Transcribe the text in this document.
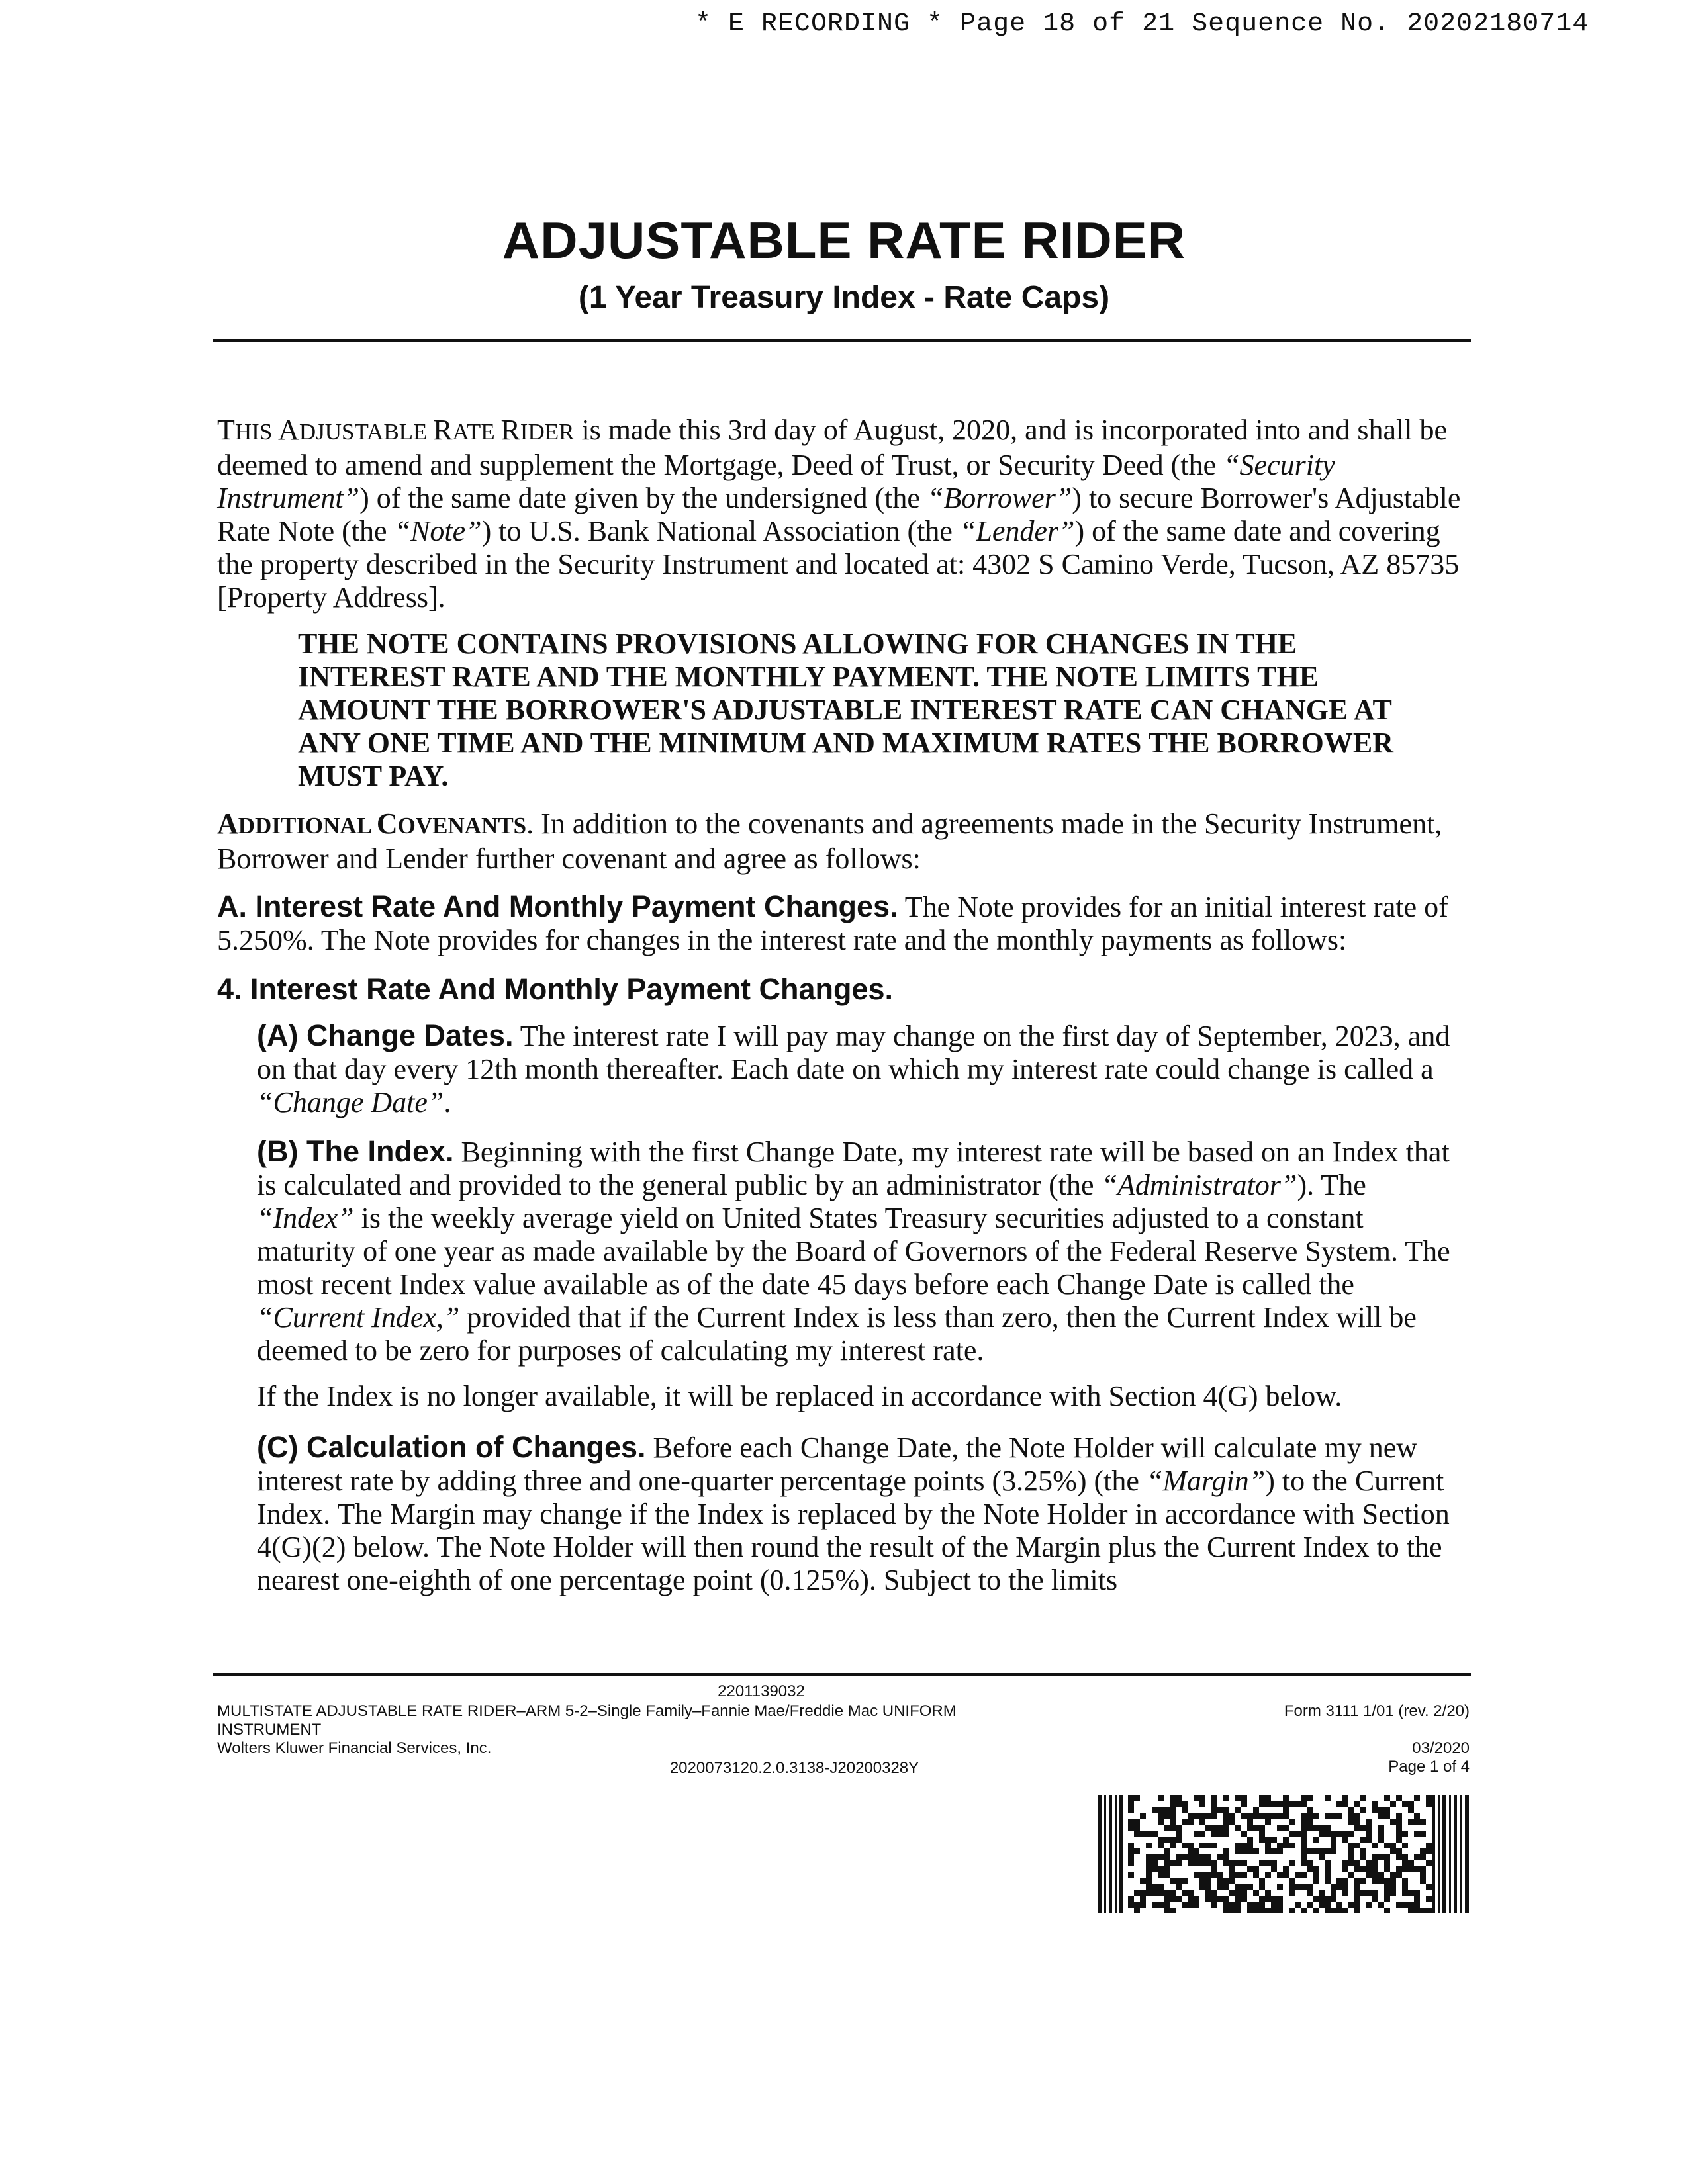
* E RECORDING * Page 18 of 21 Sequence No. 20202180714
ADJUSTABLE RATE RIDER
(1 Year Treasury Index - Rate Caps)
THIS ADJUSTABLE RATE RIDER is made this 3rd day of August, 2020, and is incorporated into and shall be deemed to amend and supplement the Mortgage, Deed of Trust, or Security Deed (the “Security Instrument”) of the same date given by the undersigned (the “Borrower”) to secure Borrower's Adjustable Rate Note (the “Note”) to U.S. Bank National Association (the “Lender”) of the same date and covering the property described in the Security Instrument and located at: 4302 S Camino Verde, Tucson, AZ 85735 [Property Address].
THE NOTE CONTAINS PROVISIONS ALLOWING FOR CHANGES IN THE INTEREST RATE AND THE MONTHLY PAYMENT. THE NOTE LIMITS THE AMOUNT THE BORROWER'S ADJUSTABLE INTEREST RATE CAN CHANGE AT ANY ONE TIME AND THE MINIMUM AND MAXIMUM RATES THE BORROWER MUST PAY.
ADDITIONAL COVENANTS. In addition to the covenants and agreements made in the Security Instrument, Borrower and Lender further covenant and agree as follows:
A. Interest Rate And Monthly Payment Changes. The Note provides for an initial interest rate of 5.250%. The Note provides for changes in the interest rate and the monthly payments as follows:
4. Interest Rate And Monthly Payment Changes.
(A) Change Dates. The interest rate I will pay may change on the first day of September, 2023, and on that day every 12th month thereafter. Each date on which my interest rate could change is called a “Change Date”.
(B) The Index. Beginning with the first Change Date, my interest rate will be based on an Index that is calculated and provided to the general public by an administrator (the “Administrator”). The “Index” is the weekly average yield on United States Treasury securities adjusted to a constant maturity of one year as made available by the Board of Governors of the Federal Reserve System. The most recent Index value available as of the date 45 days before each Change Date is called the “Current Index,” provided that if the Current Index is less than zero, then the Current Index will be deemed to be zero for purposes of calculating my interest rate.
If the Index is no longer available, it will be replaced in accordance with Section 4(G) below.
(C) Calculation of Changes. Before each Change Date, the Note Holder will calculate my new interest rate by adding three and one-quarter percentage points (3.25%) (the “Margin”) to the Current Index. The Margin may change if the Index is replaced by the Note Holder in accordance with Section 4(G)(2) below. The Note Holder will then round the result of the Margin plus the Current Index to the nearest one-eighth of one percentage point (0.125%). Subject to the limits
2201139032
MULTISTATE ADJUSTABLE RATE RIDER–ARM 5-2–Single Family–Fannie Mae/Freddie Mac UNIFORM INSTRUMENT
Wolters Kluwer Financial Services, Inc.
2020073120.2.0.3138-J20200328Y
Form 3111 1/01 (rev. 2/20)
03/2020
Page 1 of 4
